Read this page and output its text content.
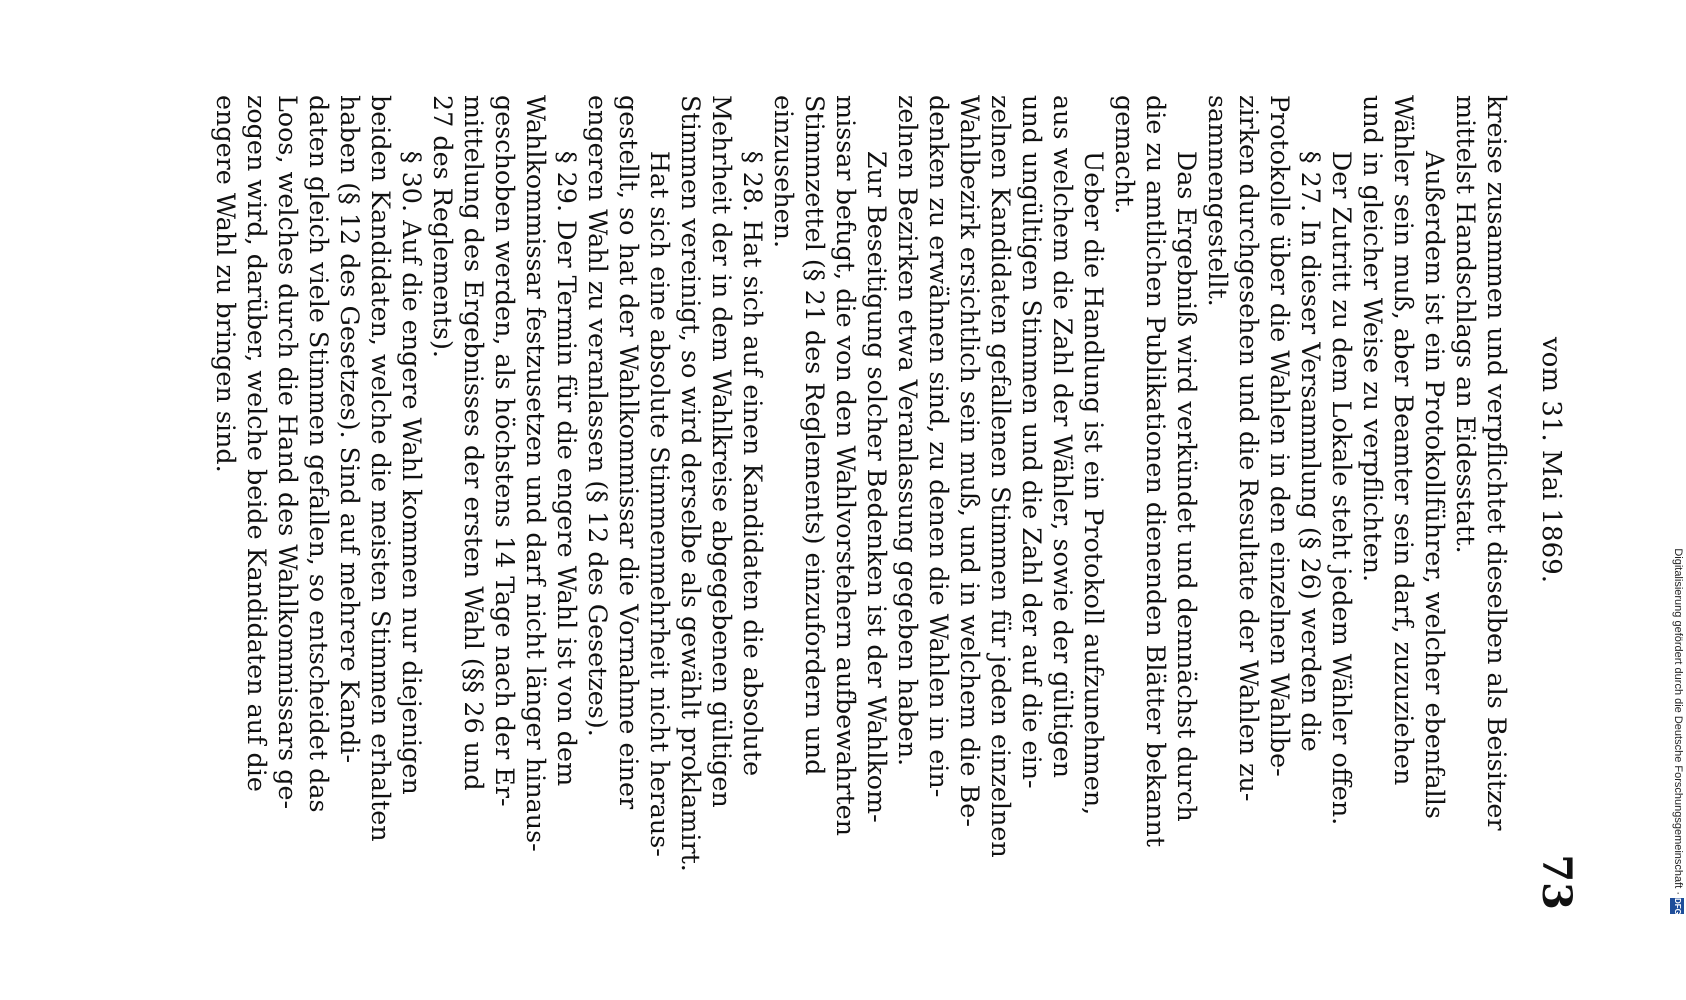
Digitalisierung gefördert durch die Deutsche Forschungsgemeinschaft ·
DFG
vom 31. Mai 1869.
73
kreise zusammen und verpflichtet dieselben als Beisitzer
mittelst Handschlags an Eidesstatt.
Außerdem ist ein Protokollführer, welcher ebenfalls
Wähler sein muß, aber Beamter sein darf, zuzuziehen
und in gleicher Weise zu verpflichten.
Der Zutritt zu dem Lokale steht jedem Wähler offen.
§ 27. In dieser Versammlung (§ 26) werden die
Protokolle über die Wahlen in den einzelnen Wahlbe-
zirken durchgesehen und die Resultate der Wahlen zu-
sammengestellt.
Das Ergebniß wird verkündet und demnächst durch
die zu amtlichen Publikationen dienenden Blätter bekannt
gemacht.
Ueber die Handlung ist ein Protokoll aufzunehmen,
aus welchem die Zahl der Wähler, sowie der gültigen
und ungültigen Stimmen und die Zahl der auf die ein-
zelnen Kandidaten gefallenen Stimmen für jeden einzelnen
Wahlbezirk ersichtlich sein muß, und in welchem die Be-
denken zu erwähnen sind, zu denen die Wahlen in ein-
zelnen Bezirken etwa Veranlassung gegeben haben.
Zur Beseitigung solcher Bedenken ist der Wahlkom-
missar befugt, die von den Wahlvorstehern aufbewahrten
Stimmzettel (§ 21 des Reglements) einzufordern und
einzusehen.
§ 28. Hat sich auf einen Kandidaten die absolute
Mehrheit der in dem Wahlkreise abgegebenen gültigen
Stimmen vereinigt, so wird derselbe als gewählt proklamirt.
Hat sich eine absolute Stimmenmehrheit nicht heraus-
gestellt, so hat der Wahlkommissar die Vornahme einer
engeren Wahl zu veranlassen (§ 12 des Gesetzes).
§ 29. Der Termin für die engere Wahl ist von dem
Wahlkommissar festzusetzen und darf nicht länger hinaus-
geschoben werden, als höchstens 14 Tage nach der Er-
mittelung des Ergebnisses der ersten Wahl (§§ 26 und
27 des Reglements).
§ 30. Auf die engere Wahl kommen nur diejenigen
beiden Kandidaten, welche die meisten Stimmen erhalten
haben (§ 12 des Gesetzes). Sind auf mehrere Kandi-
daten gleich viele Stimmen gefallen, so entscheidet das
Loos, welches durch die Hand des Wahlkommissars ge-
zogen wird, darüber, welche beide Kandidaten auf die
engere Wahl zu bringen sind.
